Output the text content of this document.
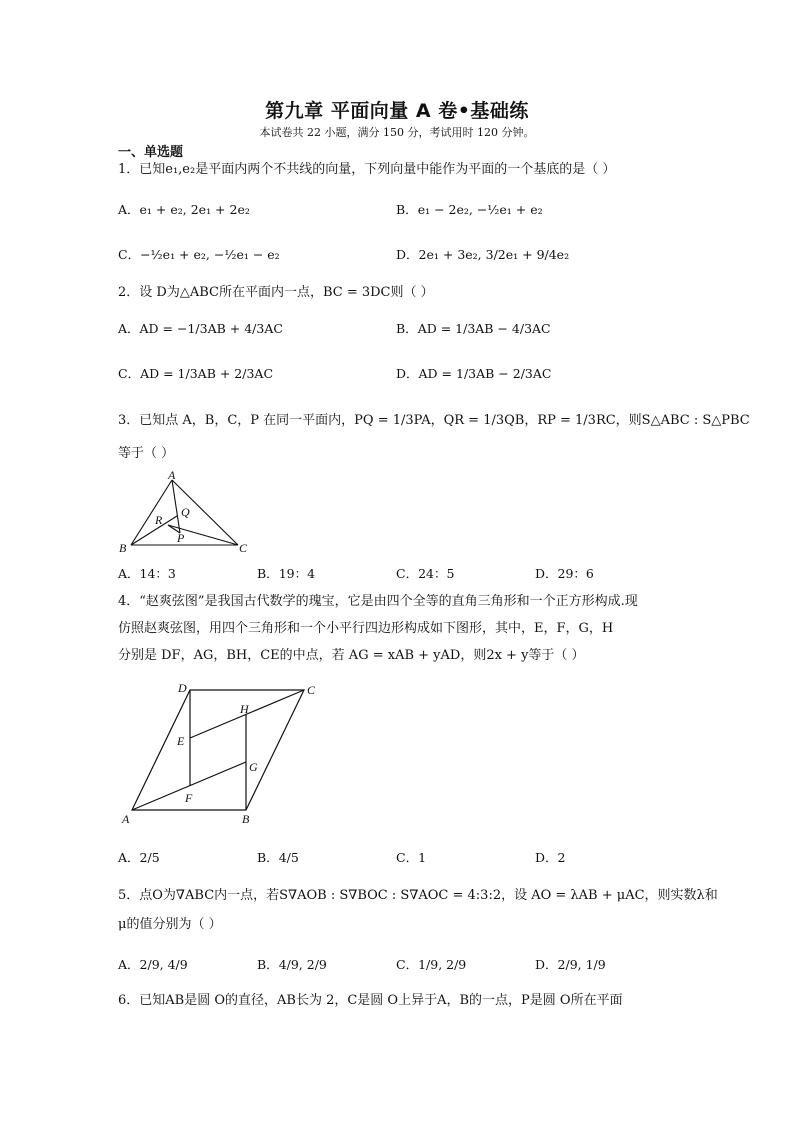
第九章 平面向量 A 卷•基础练
本试卷共 22 小题，满分 150 分，考试用时 120 分钟。
一、单选题
1．已知e₁,e₂是平面内两个不共线的向量，下列向量中能作为平面的一个基底的是（ ）
A．e₁ + e₂, 2e₁ + 2e₂	B．e₁ − 2e₂, −½e₁ + e₂
C．−½e₁ + e₂, −½e₁ − e₂	D．2e₁ + 3e₂, 3/2e₁ + 9/4e₂
2．设 D为△ABC所在平面内一点，BC = 3DC则（ ）
A．AD = −1/3AB + 4/3AC	B．AD = 1/3AB − 4/3AC
C．AD = 1/3AB + 2/3AC	D．AD = 1/3AB − 2/3AC
3．已知点 A，B，C，P 在同一平面内，PQ = 1/3PA，QR = 1/3QB，RP = 1/3RC，则S△ABC : S△PBC
等于（ ）
A
Q
R
P
B	C
A．14：3	B．19：4	C．24：5	D．29：6
4．“赵爽弦图”是我国古代数学的瑰宝，它是由四个全等的直角三角形和一个正方形构成.现
仿照赵爽弦图，用四个三角形和一个小平行四边形构成如下图形，其中，E，F，G，H
分别是 DF，AG，BH，CE的中点，若 AG = xAB + yAD，则2x + y等于（ ）
D	C
H
E
G
F
A	B
A．2/5	B．4/5	C．1	D．2
5．点O为∇ABC内一点，若S∇AOB : S∇BOC : S∇AOC = 4:3:2，设 AO = λAB + μAC，则实数λ和
μ的值分别为（ ）
A．2/9, 4/9	B．4/9, 2/9	C．1/9, 2/9	D．2/9, 1/9
6．已知AB是圆 O的直径，AB长为 2，C是圆 O上异于A，B的一点，P是圆 O所在平面
